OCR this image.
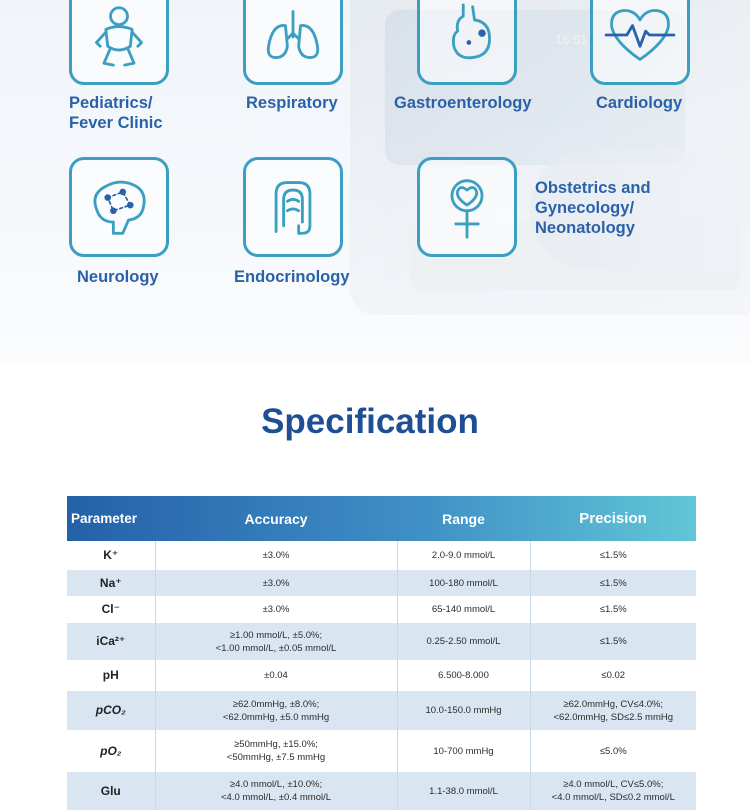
16:51
Pediatrics/
Fever Clinic
Respiratory	Gastroenterology	Cardiology
Neurology	Endocrinology
Obstetrics and
Gynecology/
Neonatology
Specification
Parameter	Accuracy	Range	Precision
K⁺	±3.0%	2.0-9.0 mmol/L	≤1.5%
Na⁺	±3.0%	100-180 mmol/L	≤1.5%
Cl⁻	±3.0%	65-140 mmol/L	≤1.5%
iCa²⁺	≥1.00 mmol/L, ±5.0%;
<1.00 mmol/L, ±0.05 mmol/L	0.25-2.50 mmol/L	≤1.5%
pH	±0.04	6.500-8.000	≤0.02
pCO₂	≥62.0mmHg, ±8.0%;
<62.0mmHg, ±5.0 mmHg	10.0-150.0 mmHg	≥62.0mmHg, CV≤4.0%;
<62.0mmHg, SD≤2.5 mmHg
pO₂	≥50mmHg, ±15.0%;
<50mmHg, ±7.5 mmHg	10-700 mmHg	≤5.0%
Glu	≥4.0 mmol/L, ±10.0%;
<4.0 mmol/L, ±0.4 mmol/L	1.1-38.0 mmol/L	≥4.0 mmol/L, CV≤5.0%;
<4.0 mmol/L, SD≤0.2 mmol/L
